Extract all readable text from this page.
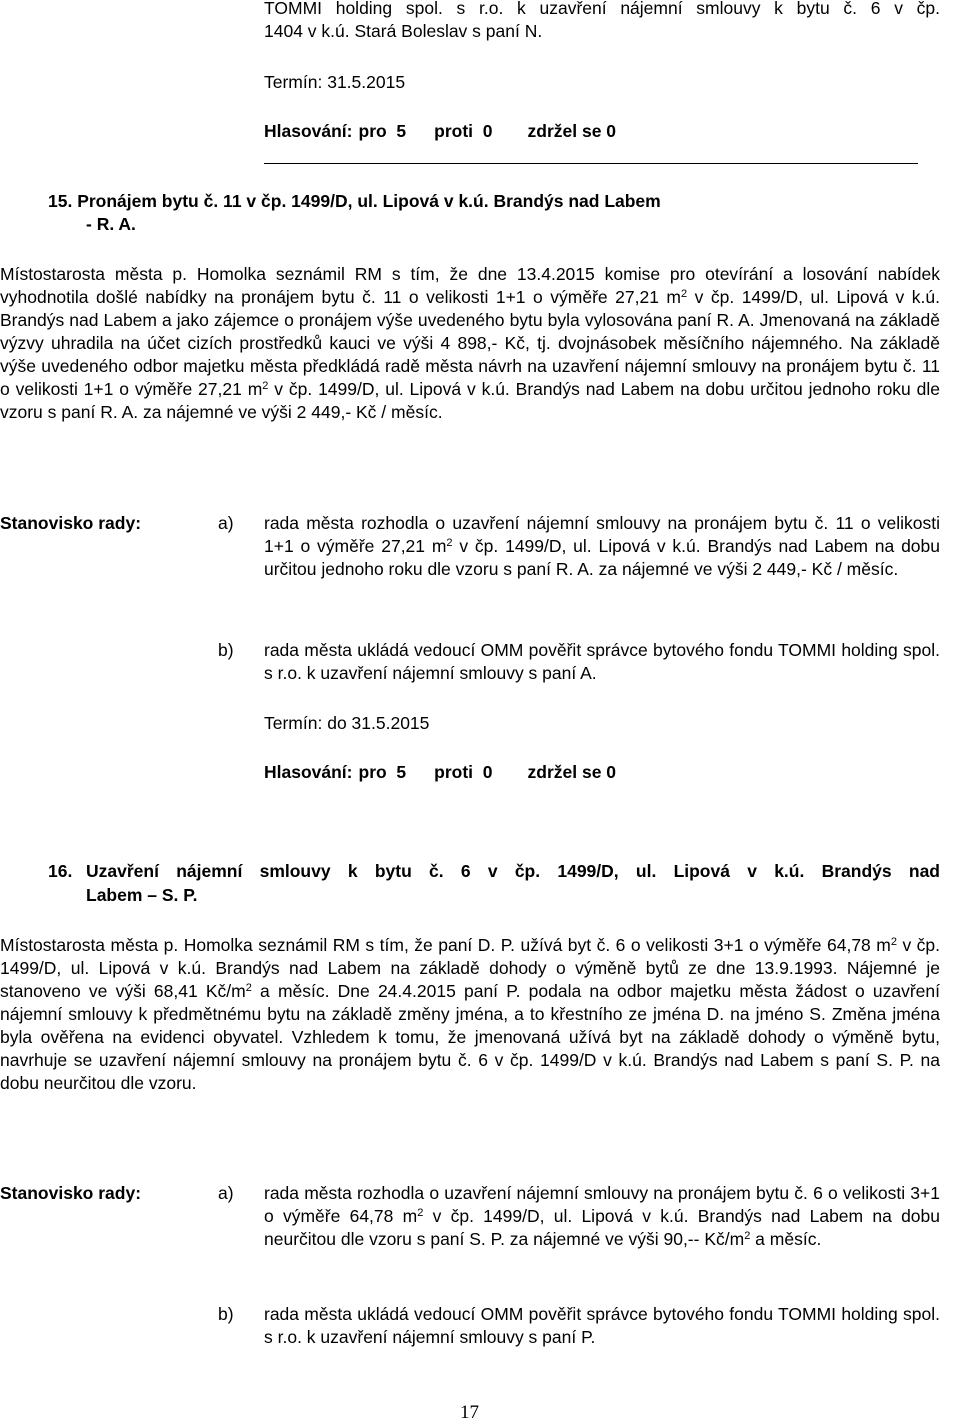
TOMMI holding spol. s r.o. k uzavření nájemní smlouvy k bytu č. 6 v čp.
1404 v k.ú. Stará Boleslav s paní N.
Termín: 31.5.2015
Hlasování: pro  5 proti  0 zdržel se 0
15. Pronájem bytu č. 11 v čp. 1499/D, ul. Lipová v k.ú. Brandýs nad Labem
- R. A.
Místostarosta města p. Homolka seznámil RM s tím, že dne 13.4.2015 komise pro otevírání a losování nabídek vyhodnotila došlé nabídky na pronájem bytu č. 11 o velikosti 1+1 o výměře 27,21 $m^2$ v čp. 1499/D, ul. Lipová v k.ú. Brandýs nad Labem a jako zájemce o pronájem výše uvedeného bytu byla vylosována paní R. A. Jmenovaná na základě výzvy uhradila na účet cizích prostředků kauci ve výši 4 898,- Kč, tj. dvojnásobek měsíčního nájemného. Na základě výše uvedeného odbor majetku města předkládá radě města návrh na uzavření nájemní smlouvy na pronájem bytu č. 11 o velikosti 1+1 o výměře 27,21 $m^2$ v čp. 1499/D, ul. Lipová v k.ú. Brandýs nad Labem na dobu určitou jednoho roku dle vzoru s paní R. A. za nájemné ve výši 2 449,- Kč / měsíc.
Stanovisko rady:	a) rada města rozhodla o uzavření nájemní smlouvy na pronájem bytu č. 11 o velikosti 1+1 o výměře 27,21 $m^2$ v čp. 1499/D, ul. Lipová v k.ú. Brandýs nad Labem na dobu určitou jednoho roku dle vzoru s paní R. A. za nájemné ve výši 2 449,- Kč / měsíc.
b) rada města ukládá vedoucí OMM pověřit správce bytového fondu TOMMI holding spol. s r.o. k uzavření nájemní smlouvy s paní A.
Termín: do 31.5.2015
Hlasování: pro  5 proti  0 zdržel se 0
16. Uzavření nájemní smlouvy k bytu č. 6 v čp. 1499/D, ul. Lipová v k.ú. Brandýs nad
Labem – S. P.
Místostarosta města p. Homolka seznámil RM s tím, že paní D. P. užívá byt č. 6 o velikosti 3+1 o výměře 64,78 $m^2$ v čp. 1499/D, ul. Lipová v k.ú. Brandýs nad Labem na základě dohody o výměně bytů ze dne 13.9.1993. Nájemné je stanoveno ve výši 68,41 $Kč/m^2$ a měsíc. Dne 24.4.2015 paní P. podala na odbor majetku města žádost o uzavření nájemní smlouvy k předmětnému bytu na základě změny jména, a to křestního ze jména D. na jméno S. Změna jména byla ověřena na evidenci obyvatel. Vzhledem k tomu, že jmenovaná užívá byt na základě dohody o výměně bytu, navrhuje se uzavření nájemní smlouvy na pronájem bytu č. 6 v čp. 1499/D v k.ú. Brandýs nad Labem s paní S. P. na dobu neurčitou dle vzoru.
Stanovisko rady:	a) rada města rozhodla o uzavření nájemní smlouvy na pronájem bytu č. 6 o velikosti 3+1 o výměře 64,78 $m^2$ v čp. 1499/D, ul. Lipová v k.ú. Brandýs nad Labem na dobu neurčitou dle vzoru s paní S. P. za nájemné ve výši 90,-- $Kč/m^2$ a měsíc.
b) rada města ukládá vedoucí OMM pověřit správce bytového fondu TOMMI holding spol. s r.o. k uzavření nájemní smlouvy s paní P.
17
